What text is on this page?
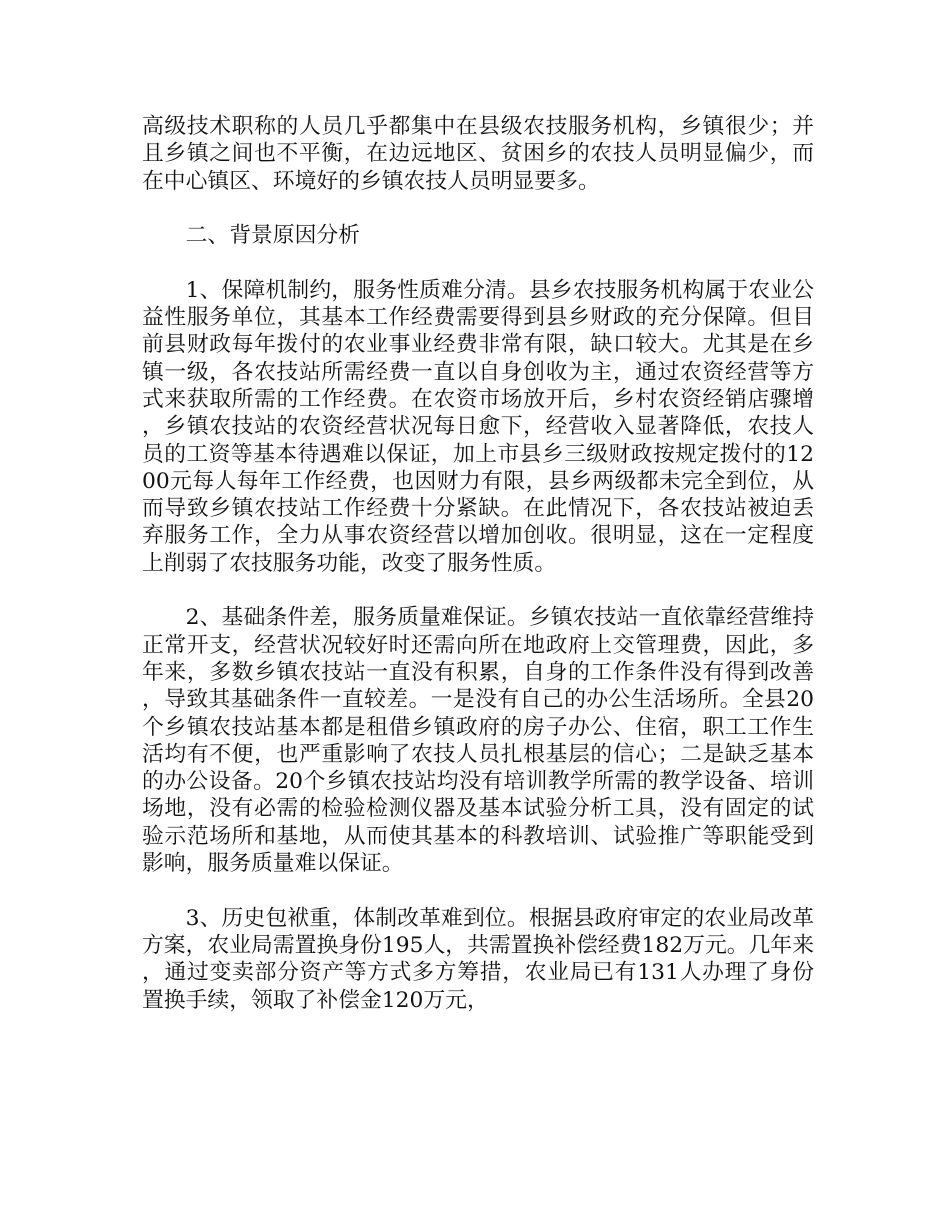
高级技术职称的人员几乎都集中在县级农技服务机构，乡镇很少；并且乡镇之间也不平衡，在边远地区、贫困乡的农技人员明显偏少，而在中心镇区、环境好的乡镇农技人员明显要多。

二、背景原因分析

1、保障机制约，服务性质难分清。县乡农技服务机构属于农业公益性服务单位，其基本工作经费需要得到县乡财政的充分保障。但目前县财政每年拨付的农业事业经费非常有限，缺口较大。尤其是在乡镇一级，各农技站所需经费一直以自身创收为主，通过农资经营等方式来获取所需的工作经费。在农资市场放开后，乡村农资经销店骤增，乡镇农技站的农资经营状况每日愈下，经营收入显著降低，农技人员的工资等基本待遇难以保证，加上市县乡三级财政按规定拨付的1200元每人每年工作经费，也因财力有限，县乡两级都未完全到位，从而导致乡镇农技站工作经费十分紧缺。在此情况下，各农技站被迫丢弃服务工作，全力从事农资经营以增加创收。很明显，这在一定程度上削弱了农技服务功能，改变了服务性质。

2、基础条件差，服务质量难保证。乡镇农技站一直依靠经营维持正常开支，经营状况较好时还需向所在地政府上交管理费，因此，多年来，多数乡镇农技站一直没有积累，自身的工作条件没有得到改善，导致其基础条件一直较差。一是没有自己的办公生活场所。全县20个乡镇农技站基本都是租借乡镇政府的房子办公、住宿，职工工作生活均有不便，也严重影响了农技人员扎根基层的信心；二是缺乏基本的办公设备。20个乡镇农技站均没有培训教学所需的教学设备、培训场地，没有必需的检验检测仪器及基本试验分析工具，没有固定的试验示范场所和基地，从而使其基本的科教培训、试验推广等职能受到影响，服务质量难以保证。

3、历史包袱重，体制改革难到位。根据县政府审定的农业局改革方案，农业局需置换身份195人，共需置换补偿经费182万元。几年来，通过变卖部分资产等方式多方筹措，农业局已有131人办理了身份置换手续，领取了补偿金120万元，
